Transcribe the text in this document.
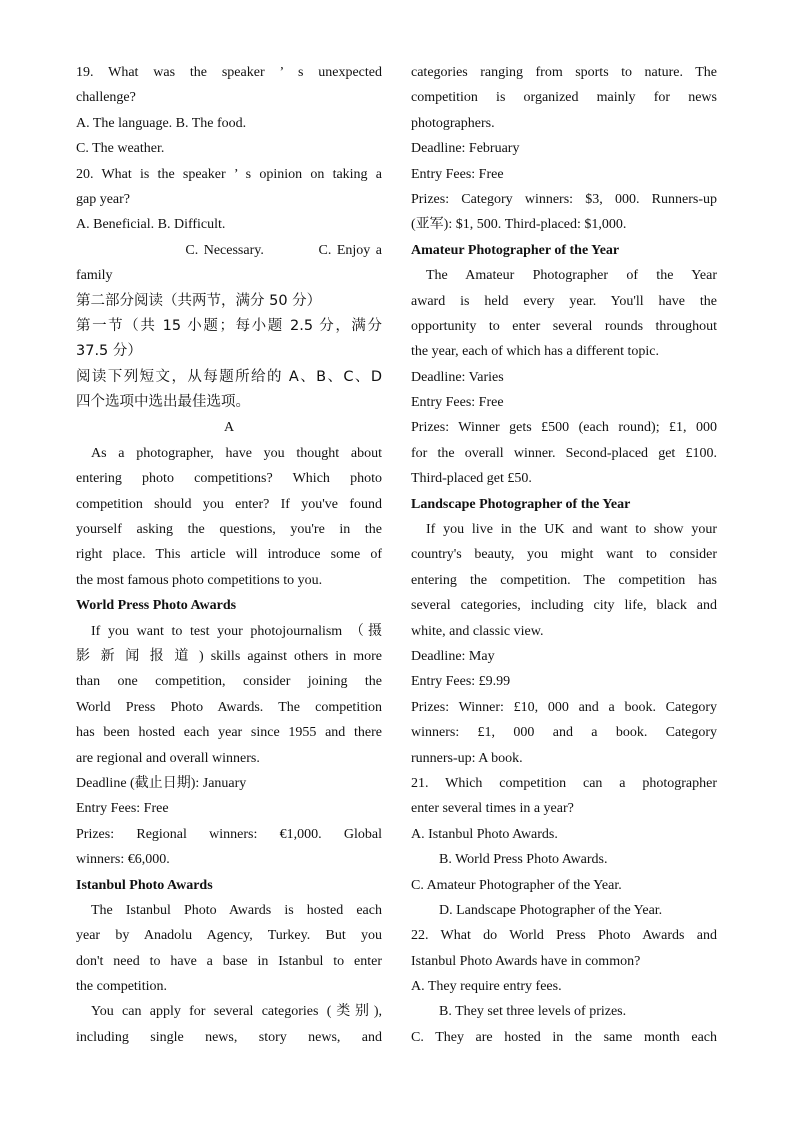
19. What was the speaker ’ s unexpected
challenge?
A. The language. B. The food.
C. The weather.
20. What is the speaker ’ s opinion on taking a
gap year?
A. Beneficial. B. Difficult.
C. Necessary.          C. Enjoy a
family
第二部分阅读（共两节，满分 50 分）
第一节（共 15 小题；每小题 2.5 分，满分
37.5 分）
阅读下列短文，从每题所给的 A、B、C、D
四个选项中选出最佳选项。
A
As a photographer, have you thought about
entering photo competitions? Which photo
competition should you enter? If you've found
yourself asking the questions, you're in the
right place. This article will introduce some of
the most famous photo competitions to you.
World Press Photo Awards
If you want to test your photojournalism （摄
影 新 闻 报 道 ) skills against others in more
than one competition, consider joining the
World Press Photo Awards. The competition
has been hosted each year since 1955 and there
are regional and overall winners.
Deadline (截止日期): January
Entry Fees: Free
Prizes: Regional winners: €1,000. Global
winners: €6,000.
Istanbul Photo Awards
The Istanbul Photo Awards is hosted each
year by Anadolu Agency, Turkey. But you
don't need to have a base in Istanbul to enter
the competition.
You can apply for several categories (类别),
including single news, story news, and
categories ranging from sports to nature. The
competition is organized mainly for news
photographers.
Deadline: February
Entry Fees: Free
Prizes: Category winners: $3, 000. Runners-up
(亚军): $1, 500. Third-placed: $1,000.
Amateur Photographer of the Year
The Amateur Photographer of the Year
award is held every year. You'll have the
opportunity to enter several rounds throughout
the year, each of which has a different topic.
Deadline: Varies
Entry Fees: Free
Prizes: Winner gets £500 (each round); £1, 000
for the overall winner. Second-placed get £100.
Third-placed get £50.
Landscape Photographer of the Year
If you live in the UK and want to show your
country's beauty, you might want to consider
entering the competition. The competition has
several categories, including city life, black and
white, and classic view.
Deadline: May
Entry Fees: £9.99
Prizes: Winner: £10, 000 and a book. Category
winners: £1, 000 and a book. Category
runners-up: A book.
21. Which competition can a photographer
enter several times in a year?
A. Istanbul Photo Awards.
B. World Press Photo Awards.
C. Amateur Photographer of the Year.
D. Landscape Photographer of the Year.
22. What do World Press Photo Awards and
Istanbul Photo Awards have in common?
A. They require entry fees.
B. They set three levels of prizes.
C. They are hosted in the same month each
